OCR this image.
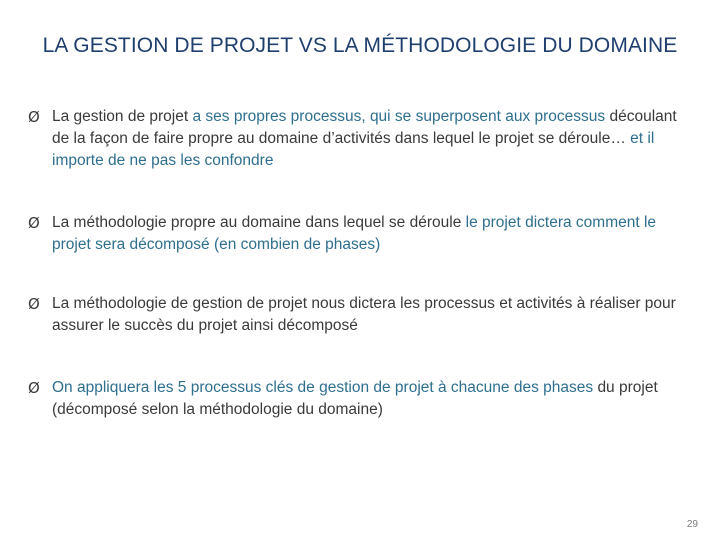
LA GESTION DE PROJET VS LA MÉTHODOLOGIE DU DOMAINE
Ø La gestion de projet a ses propres processus, qui se superposent aux processus découlant de la façon de faire propre au domaine d’activités dans lequel le projet se déroule… et il importe de ne pas les confondre
Ø La méthodologie propre au domaine dans lequel se déroule le projet dictera comment le projet sera décomposé (en combien de phases)
Ø La méthodologie de gestion de projet nous dictera les processus et activités à réaliser pour assurer le succès du projet ainsi décomposé
Ø On appliquera les 5 processus clés de gestion de projet à chacune des phases du projet (décomposé selon la méthodologie du domaine)
29
